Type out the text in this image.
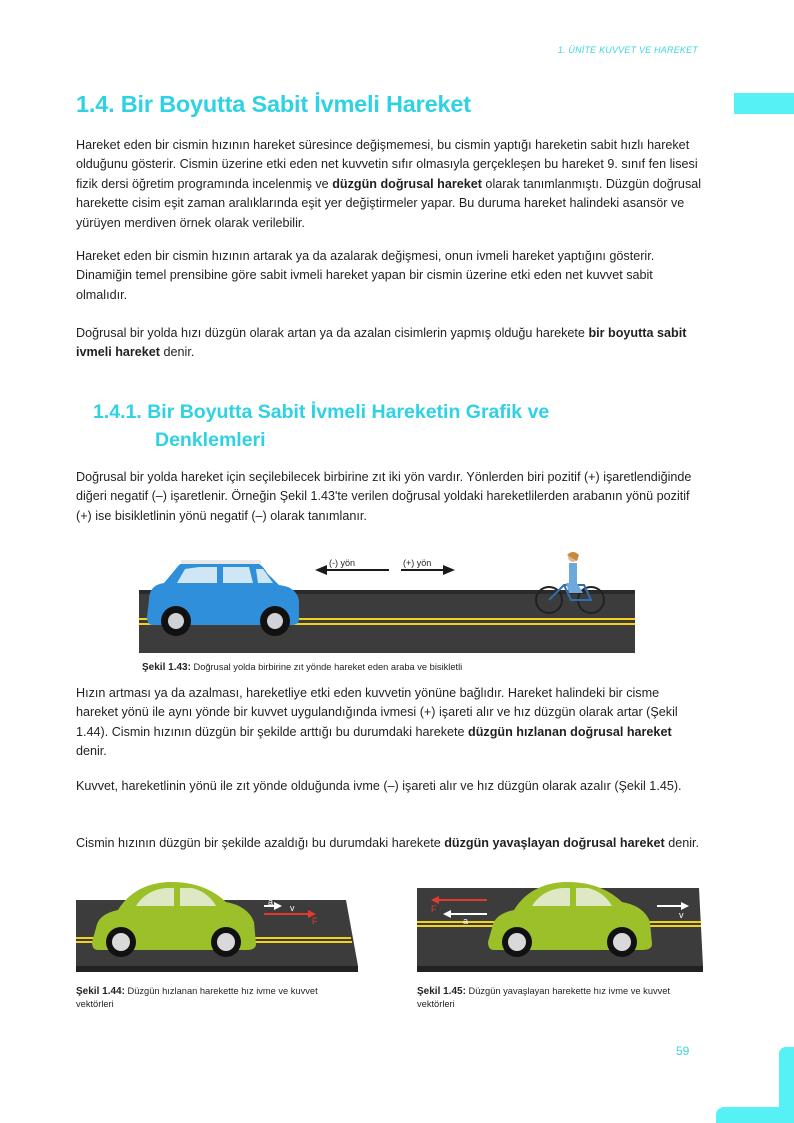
1. ÜNİTE KUVVET VE HAREKET
1.4. Bir Boyutta Sabit İvmeli Hareket
Hareket eden bir cismin hızının hareket süresince değişmemesi, bu cismin yaptığı hareketin sabit hızlı hareket olduğunu gösterir. Cismin üzerine etki eden net kuvvetin sıfır olmasıyla gerçekleşen bu hareket 9. sınıf fen lisesi fizik dersi öğretim programında incelenmiş ve düzgün doğrusal hareket olarak tanımlanmıştı. Düzgün doğrusal harekette cisim eşit zaman aralıklarında eşit yer değiştirmeler yapar. Bu duruma hareket halindeki asansör ve yürüyen merdiven örnek olarak verilebilir.
Hareket eden bir cismin hızının artarak ya da azalarak değişmesi, onun ivmeli hareket yaptığını gösterir. Dinamiğin temel prensibine göre sabit ivmeli hareket yapan bir cismin üzerine etki eden net kuvvet sabit olmalıdır.
Doğrusal bir yolda hızı düzgün olarak artan ya da azalan cisimlerin yapmış olduğu harekete bir boyutta sabit ivmeli hareket denir.
1.4.1. Bir Boyutta Sabit İvmeli Hareketin Grafik ve
Denklemleri
Doğrusal bir yolda hareket için seçilebilecek birbirine zıt iki yön vardır. Yönlerden biri pozitif (+) işaretlendiğinde diğeri negatif (–) işaretlenir. Örneğin Şekil 1.43'te verilen doğrusal yoldaki hareketlilerden arabanın yönü pozitif (+) ise bisikletlinin yönü negatif (–) olarak tanımlanır.
(-) yön	(+) yön
Şekil 1.43: Doğrusal yolda birbirine zıt yönde hareket eden araba ve bisikletli
Hızın artması ya da azalması, hareketliye etki eden kuvvetin yönüne bağlıdır. Hareket halindeki bir cisme hareket yönü ile aynı yönde bir kuvvet uygulandığında ivmesi (+) işareti alır ve hız düzgün olarak artar (Şekil 1.44). Cismin hızının düzgün bir şekilde arttığı bu durumdaki harekete düzgün hızlanan doğrusal hareket denir.
Kuvvet, hareketlinin yönü ile zıt yönde olduğunda ivme (–) işareti alır ve hız düzgün olarak azalır (Şekil 1.45).
Cismin hızının düzgün bir şekilde azaldığı bu durumdaki harekete düzgün yavaşlayan doğrusal hareket denir.
a
v
F
Şekil 1.44: Düzgün hızlanan harekette hız ivme ve kuvvet vektörleri
F
a
v
Şekil 1.45: Düzgün yavaşlayan harekette hız ivme ve kuvvet vektörleri
59
